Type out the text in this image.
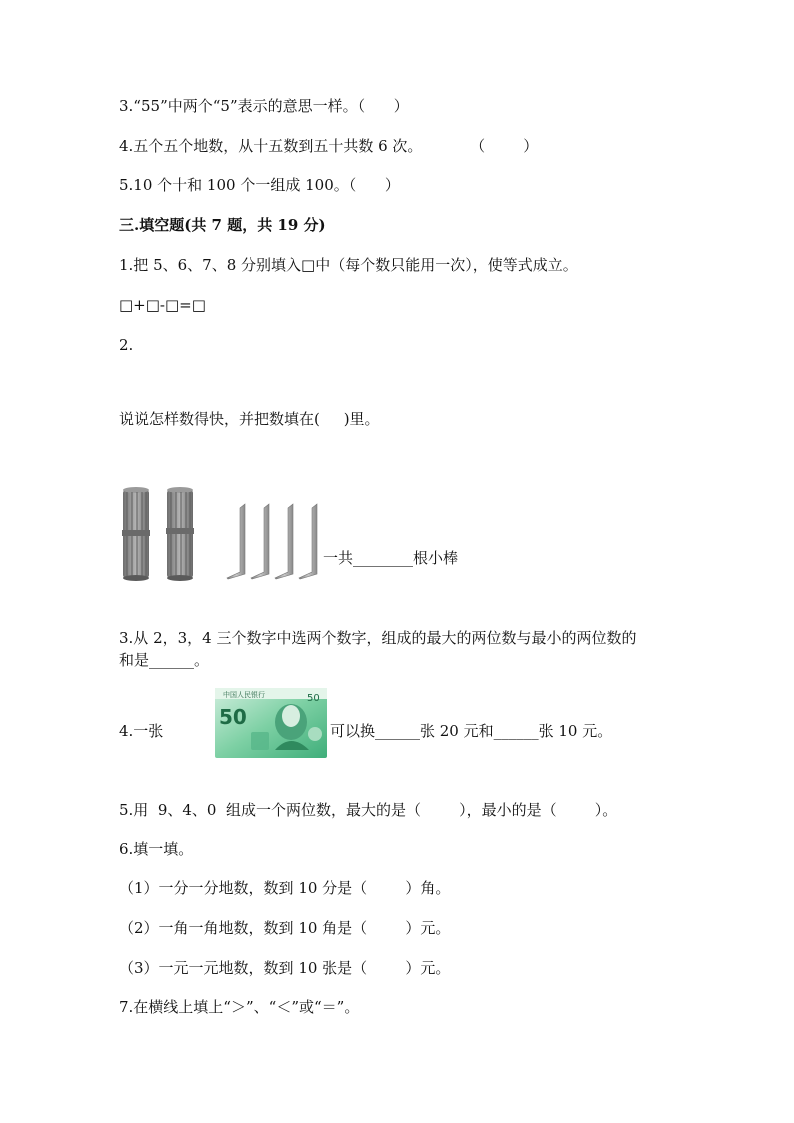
3.“55”中两个“5”表示的意思一样。（      ）
4.五个五个地数，从十五数到五十共数 6 次。          （        ）
5.10 个十和 100 个一组成 100。（      ）
三.填空题(共 7 题，共 19 分)
1.把 5、6、7、8 分别填入□中（每个数只能用一次），使等式成立。
□+□-□=□
2.
说说怎样数得快，并把数填在(     )里。
一共________根小棒
3.从 2，3，4 三个数字中选两个数字，组成的最大的两位数与最小的两位数的
和是______。
4.一张
中国人民银行
50
50
可以换______张 20 元和______张 10 元。
5.用  9、4、0  组成一个两位数，最大的是（        ），最小的是（        ）。
6.填一填。
（1）一分一分地数，数到 10 分是（        ）角。
（2）一角一角地数，数到 10 角是（        ）元。
（3）一元一元地数，数到 10 张是（        ）元。
7.在横线上填上“＞”、“＜”或“＝”。
